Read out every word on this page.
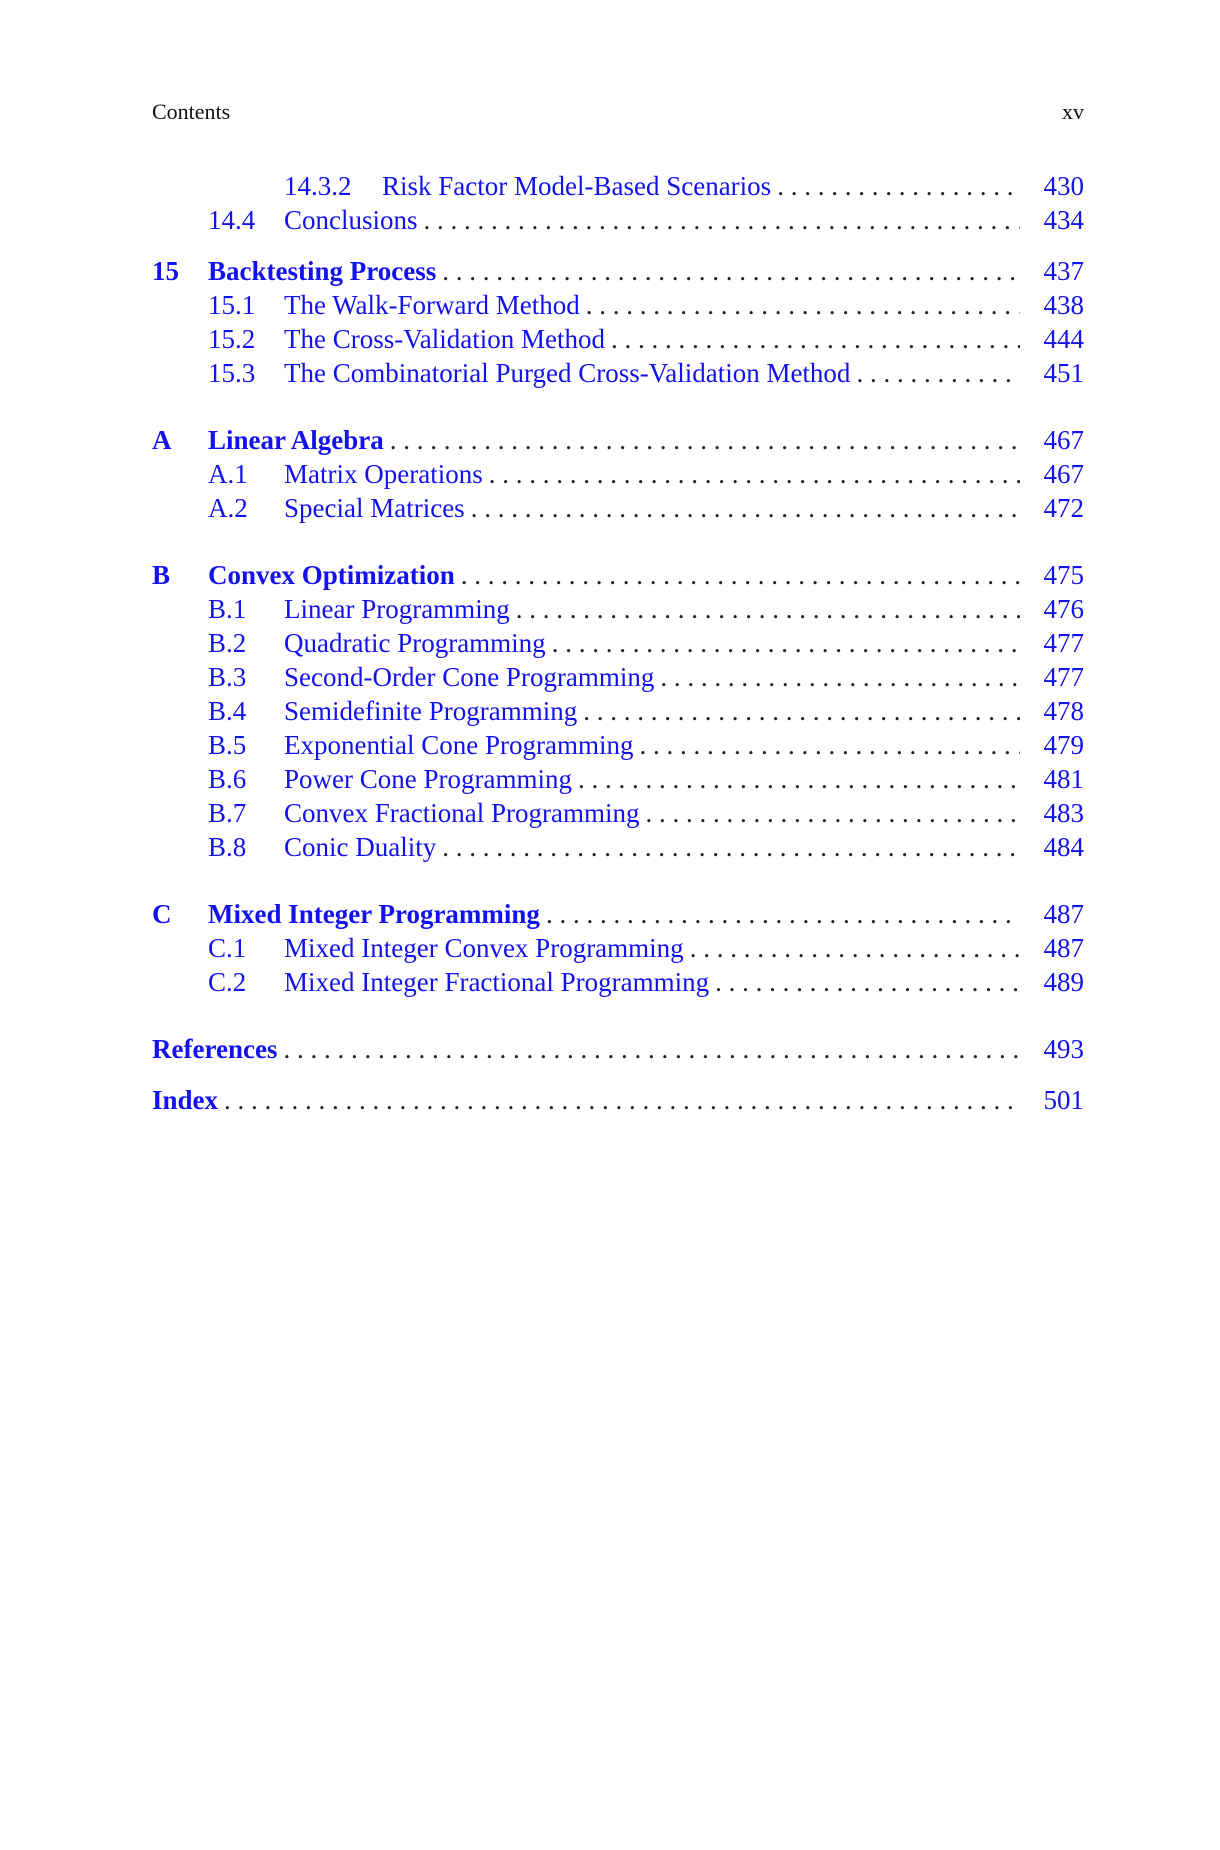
Contents	xv
14.3.2 Risk Factor Model-Based Scenarios . . .	430
14.4 Conclusions . . .	434
15 Backtesting Process . . .	437
15.1 The Walk-Forward Method . . .	438
15.2 The Cross-Validation Method . . .	444
15.3 The Combinatorial Purged Cross-Validation Method . . .	451
A Linear Algebra . . .	467
A.1 Matrix Operations . . .	467
A.2 Special Matrices . . .	472
B Convex Optimization . . .	475
B.1 Linear Programming . . .	476
B.2 Quadratic Programming . . .	477
B.3 Second-Order Cone Programming . . .	477
B.4 Semidefinite Programming . . .	478
B.5 Exponential Cone Programming . . .	479
B.6 Power Cone Programming . . .	481
B.7 Convex Fractional Programming . . .	483
B.8 Conic Duality . . .	484
C Mixed Integer Programming . . .	487
C.1 Mixed Integer Convex Programming . . .	487
C.2 Mixed Integer Fractional Programming . . .	489
References . . .	493
Index . . .	501
